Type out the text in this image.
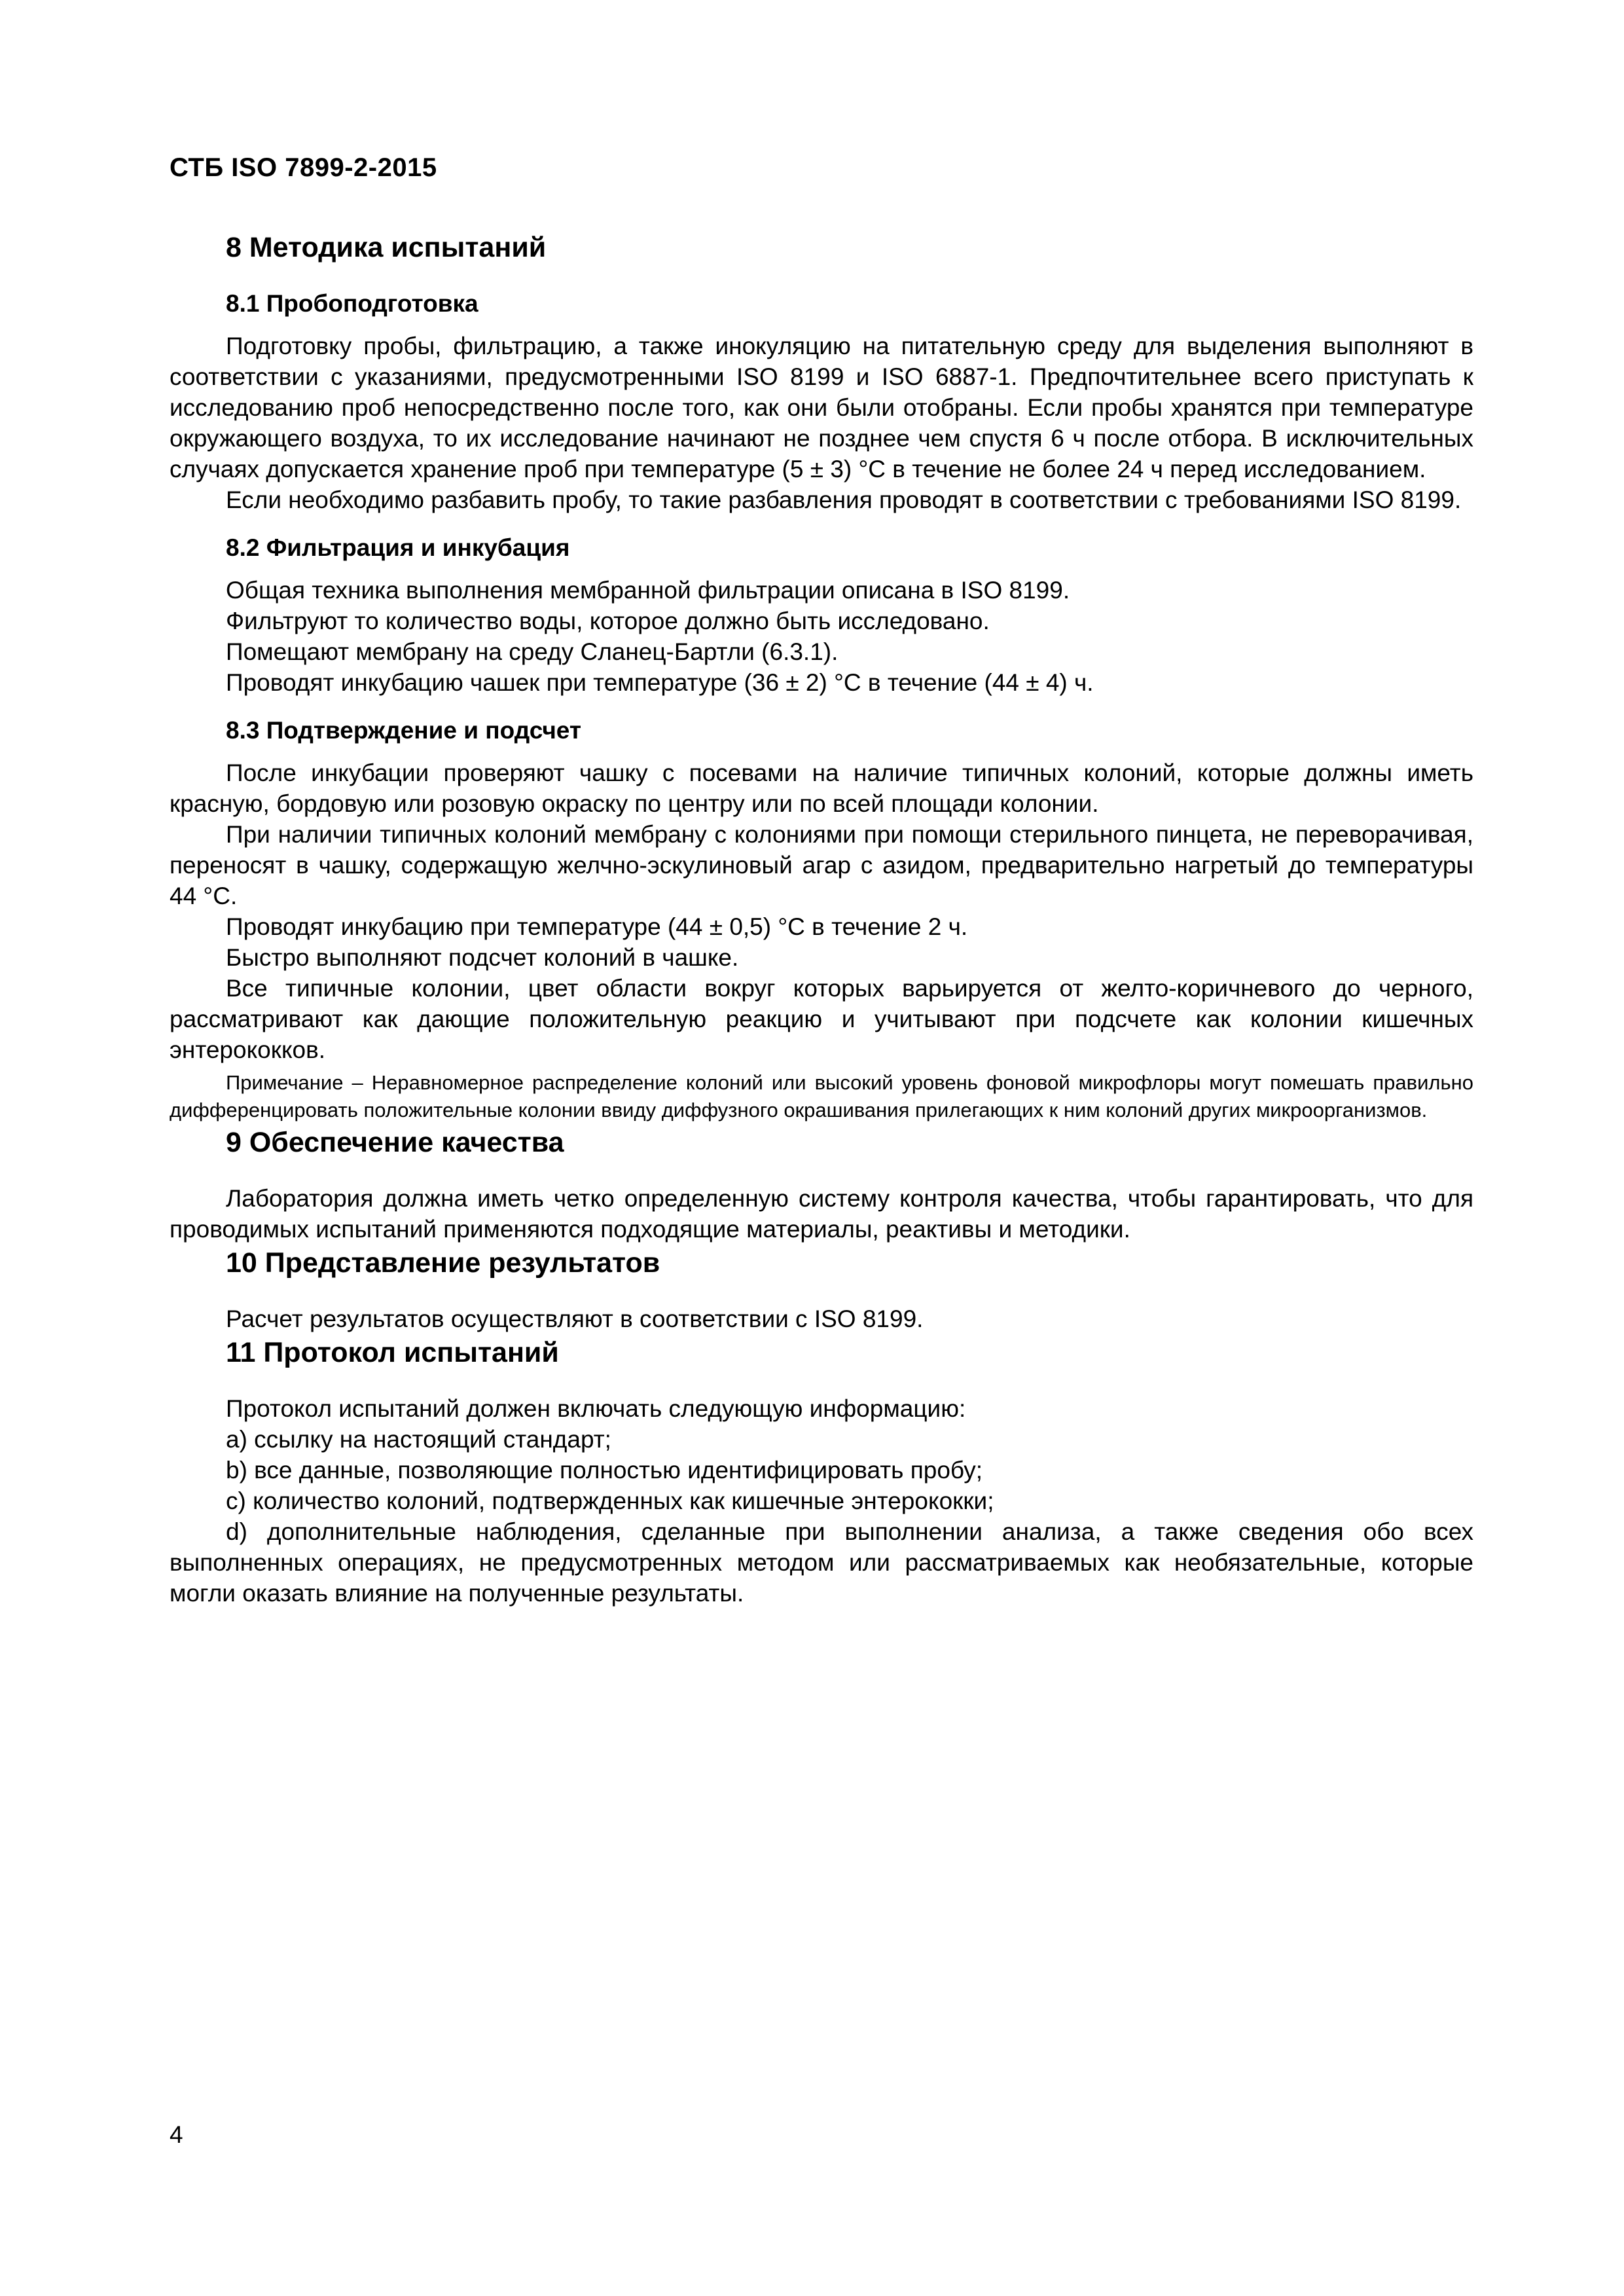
СТБ ISO 7899-2-2015
8 Методика испытаний
8.1 Пробоподготовка

Подготовку пробы, фильтрацию, а также инокуляцию на питательную среду для выделения выполняют в соответствии с указаниями, предусмотренными ISO 8199 и ISO 6887-1. Предпочтительнее всего приступать к исследованию проб непосредственно после того, как они были отобраны. Если пробы хранятся при температуре окружающего воздуха, то их исследование начинают не позднее чем спустя 6 ч после отбора. В исключительных случаях допускается хранение проб при температуре (5 ± 3) °С в течение не более 24 ч перед исследованием.

Если необходимо разбавить пробу, то такие разбавления проводят в соответствии с требованиями ISO 8199.

8.2 Фильтрация и инкубация

Общая техника выполнения мембранной фильтрации описана в ISO 8199.

Фильтруют то количество воды, которое должно быть исследовано.

Помещают мембрану на среду Сланец-Бартли (6.3.1).

Проводят инкубацию чашек при температуре (36 ± 2) °С в течение (44 ± 4) ч.

8.3 Подтверждение и подсчет

После инкубации проверяют чашку с посевами на наличие типичных колоний, которые должны иметь красную, бордовую или розовую окраску по центру или по всей площади колонии.

При наличии типичных колоний мембрану с колониями при помощи стерильного пинцета, не переворачивая, переносят в чашку, содержащую желчно-эскулиновый агар с азидом, предварительно нагретый до температуры 44 °С.

Проводят инкубацию при температуре (44 ± 0,5) °С в течение 2 ч.

Быстро выполняют подсчет колоний в чашке.

Все типичные колонии, цвет области вокруг которых варьируется от желто-коричневого до черного, рассматривают как дающие положительную реакцию и учитывают при подсчете как колонии кишечных энтерококков.

Примечание – Неравномерное распределение колоний или высокий уровень фоновой микрофлоры могут помешать правильно дифференцировать положительные колонии ввиду диффузного окрашивания прилегающих к ним колоний других микроорганизмов.

9 Обеспечение качества

Лаборатория должна иметь четко определенную систему контроля качества, чтобы гарантировать, что для проводимых испытаний применяются подходящие материалы, реактивы и методики.

10 Представление результатов

Расчет результатов осуществляют в соответствии с ISO 8199.

11 Протокол испытаний

Протокол испытаний должен включать следующую информацию:

a) ссылку на настоящий стандарт;

b) все данные, позволяющие полностью идентифицировать пробу;

c) количество колоний, подтвержденных как кишечные энтерококки;

d) дополнительные наблюдения, сделанные при выполнении анализа, а также сведения обо всех выполненных операциях, не предусмотренных методом или рассматриваемых как необязательные, которые могли оказать влияние на полученные результаты.

4
